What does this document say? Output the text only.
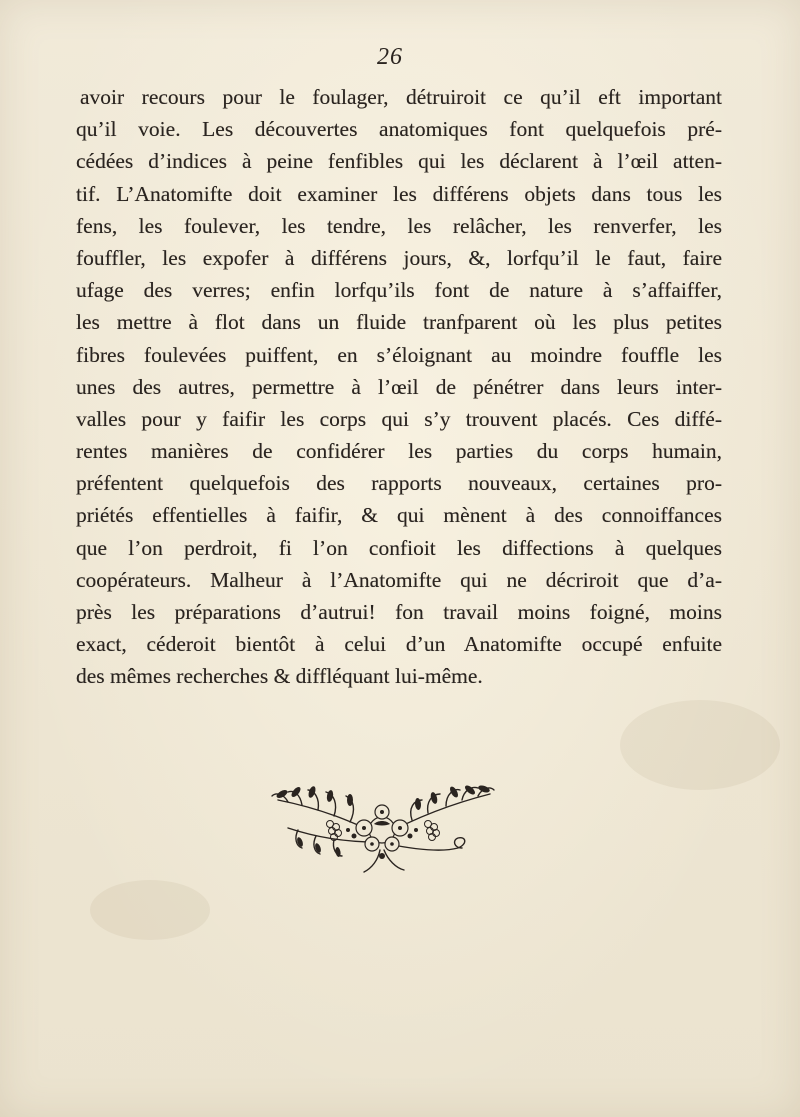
26
avoir recours pour le foulager, détruiroit ce qu’il eft important
qu’il voie. Les découvertes anatomiques font quelquefois pré-
cédées d’indices à peine fenfibles qui les déclarent à l’œil atten-
tif. L’Anatomifte doit examiner les différens objets dans tous les
fens, les foulever, les tendre, les relâcher, les renverfer, les
fouffler, les expofer à différens jours, &, lorfqu’il le faut, faire
ufage des verres; enfin lorfqu’ils font de nature à s’affaiffer,
les mettre à flot dans un fluide tranfparent où les plus petites
fibres foulevées puiffent, en s’éloignant au moindre fouffle les
unes des autres, permettre à l’œil de pénétrer dans leurs inter-
valles pour y faifir les corps qui s’y trouvent placés. Ces diffé-
rentes manières de confidérer les parties du corps humain,
préfentent quelquefois des rapports nouveaux, certaines pro-
priétés effentielles à faifir, & qui mènent à des connoiffances
que l’on perdroit, fi l’on confioit les diffections à quelques
coopérateurs. Malheur à l’Anatomifte qui ne décriroit que d’a-
près les préparations d’autrui! fon travail moins foigné, moins
exact, céderoit bientôt à celui d’un Anatomifte occupé enfuite
des mêmes recherches & diffléquant lui-même.
